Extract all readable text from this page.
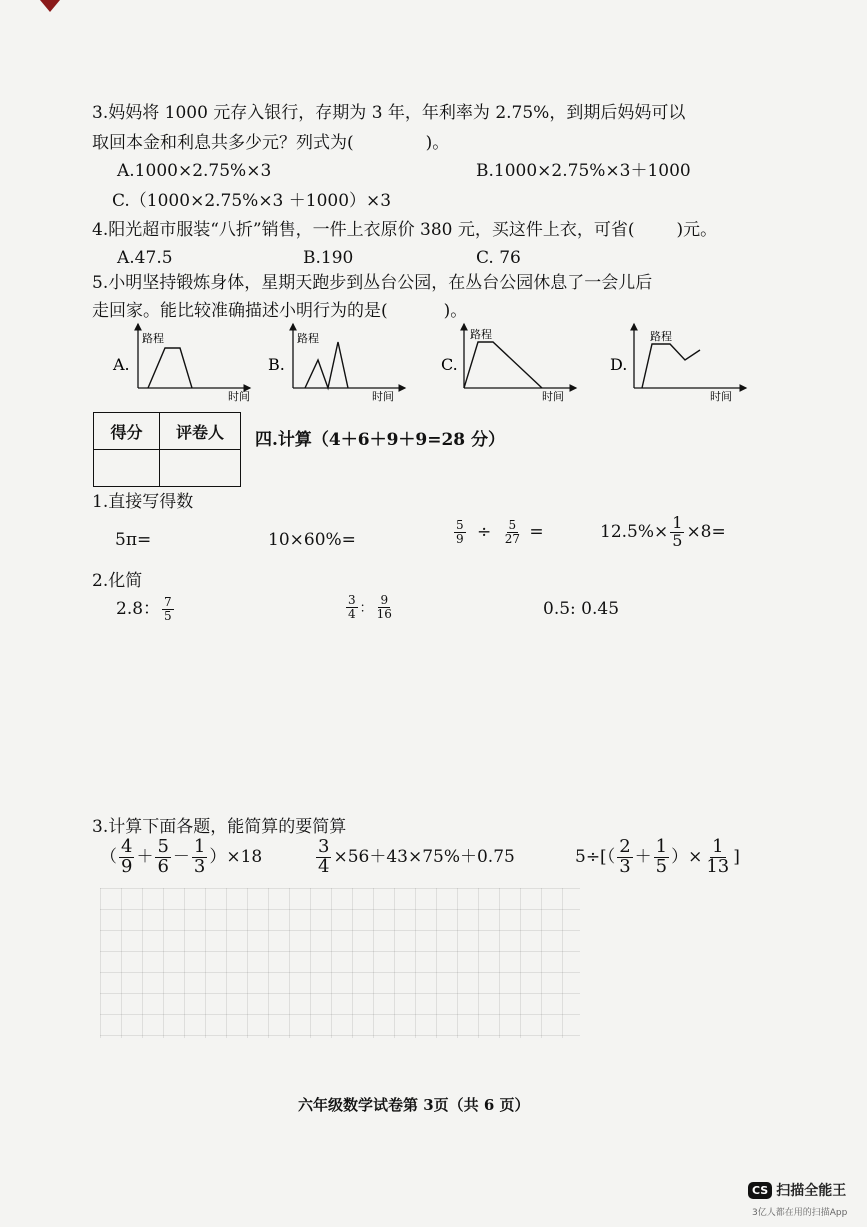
3.妈妈将 1000 元存入银行，存期为 3 年，年利率为 2.75%，到期后妈妈可以
取回本金和利息共多少元？列式为(	)。
A.1000×2.75%×3	B.1000×2.75%×3＋1000
C.（1000×2.75%×3 ＋1000）×3
4.阳光超市服装“八折”销售，一件上衣原价 380 元，买这件上衣，可省( )元。
A.47.5	B.190	C. 76
5.小明坚持锻炼身体，星期天跑步到丛台公园，在丛台公园休息了一会儿后
走回家。能比较准确描述小明行为的是(	)。
A.
路程
时间
B.
路程
时间
C.
路程
时间
D.
路程
时间
得分	评卷人
	四.计算（4＋6＋9＋9=28 分）
1.直接写得数
5π=	10×60%=	$\frac{5}{9} \div \frac{5}{27}$ =	$12.5\%\times \frac{1}{5} \times 8=$
2.化简
2.8： $\frac{7}{5}$	$\frac{3}{4}$ ： $\frac{9}{16}$	0.5: 0.45
3.计算下面各题，能简算的要简算
（ $\frac{4}{9} + \frac{5}{6} - \frac{1}{3} )\times 18$	$\frac{3}{4} \times 56+43\times 75\%+0.75$	$5\div[( \frac{2}{3} + \frac{1}{5}$ ）× $\frac{1}{13}$ ]
六年级数学试卷第 3页（共 6 页）
CS 扫描全能王
3亿人都在用的扫描App
